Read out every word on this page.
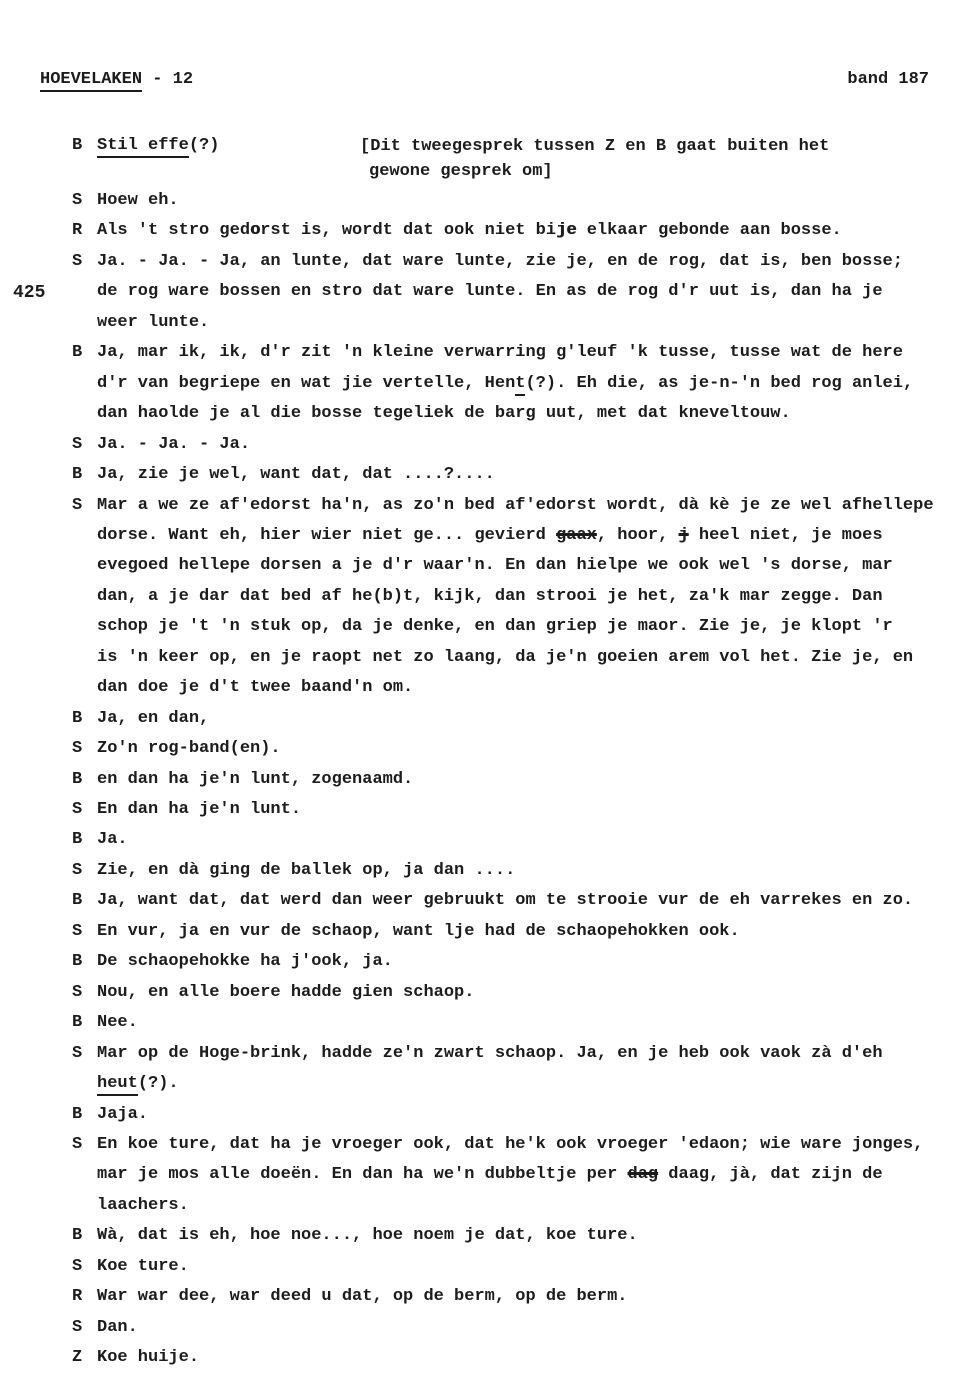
HOEVELAKEN - 12	band 187
425
[Dit tweegesprek tussen Z en B gaat buiten het
gewone gesprek om]
B Stil effe(?)
S Hoew eh.
R Als 't stro gedorst is, wordt dat ook niet bije elkaar gebonde aan bosse.
S Ja. - Ja. - Ja, an lunte, dat ware lunte, zie je, en de rog, dat is, ben bosse;
de rog ware bossen en stro dat ware lunte. En as de rog d'r uut is, dan ha je
weer lunte.
B Ja, mar ik, ik, d'r zit 'n kleine verwarring g'leuf 'k tusse, tusse wat de here
d'r van begriepe en wat jie vertelle, Hent(?). Eh die, as je-n-'n bed rog anlei,
dan haolde je al die bosse tegeliek de barg uut, met dat kneveltouw.
S Ja. - Ja. - Ja.
B Ja, zie je wel, want dat, dat ....?....
S Mar a we ze af'edorst ha'n, as zo'n bed af'edorst wordt, dà kè je ze wel afhellepe
dorse. Want eh, hier wier niet ge... gevierd gaax, hoor, j heel niet, je moes
evegoed hellepe dorsen a je d'r waar'n. En dan hielpe we ook wel 's dorse, mar
dan, a je dar dat bed af he(b)t, kijk, dan strooi je het, za'k mar zegge. Dan
schop je 't 'n stuk op, da je denke, en dan griep je maor. Zie je, je klopt 'r
is 'n keer op, en je raopt net zo laang, da je'n goeien arem vol het. Zie je, en
dan doe je d't twee baand'n om.
B Ja, en dan,
S Zo'n rog-band(en).
B en dan ha je'n lunt, zogenaamd.
S En dan ha je'n lunt.
B Ja.
S Zie, en dà ging de ballek op, ja dan ....
B Ja, want dat, dat werd dan weer gebruukt om te strooie vur de eh varrekes en zo.
S En vur, ja en vur de schaop, want lje had de schaopehokken ook.
B De schaopehokke ha j'ook, ja.
S Nou, en alle boere hadde gien schaop.
B Nee.
S Mar op de Hoge-brink, hadde ze'n zwart schaop. Ja, en je heb ook vaok zà d'eh
heut(?).
B Jaja.
S En koe ture, dat ha je vroeger ook, dat he'k ook vroeger 'edaon; wie ware jonges,
mar je mos alle doeën. En dan ha we'n dubbeltje per dag daag, jà, dat zijn de
laachers.
B Wà, dat is eh, hoe noe..., hoe noem je dat, koe ture.
S Koe ture.
R War war dee, war deed u dat, op de berm, op de berm.
S Dan.
Z Koe huije.
